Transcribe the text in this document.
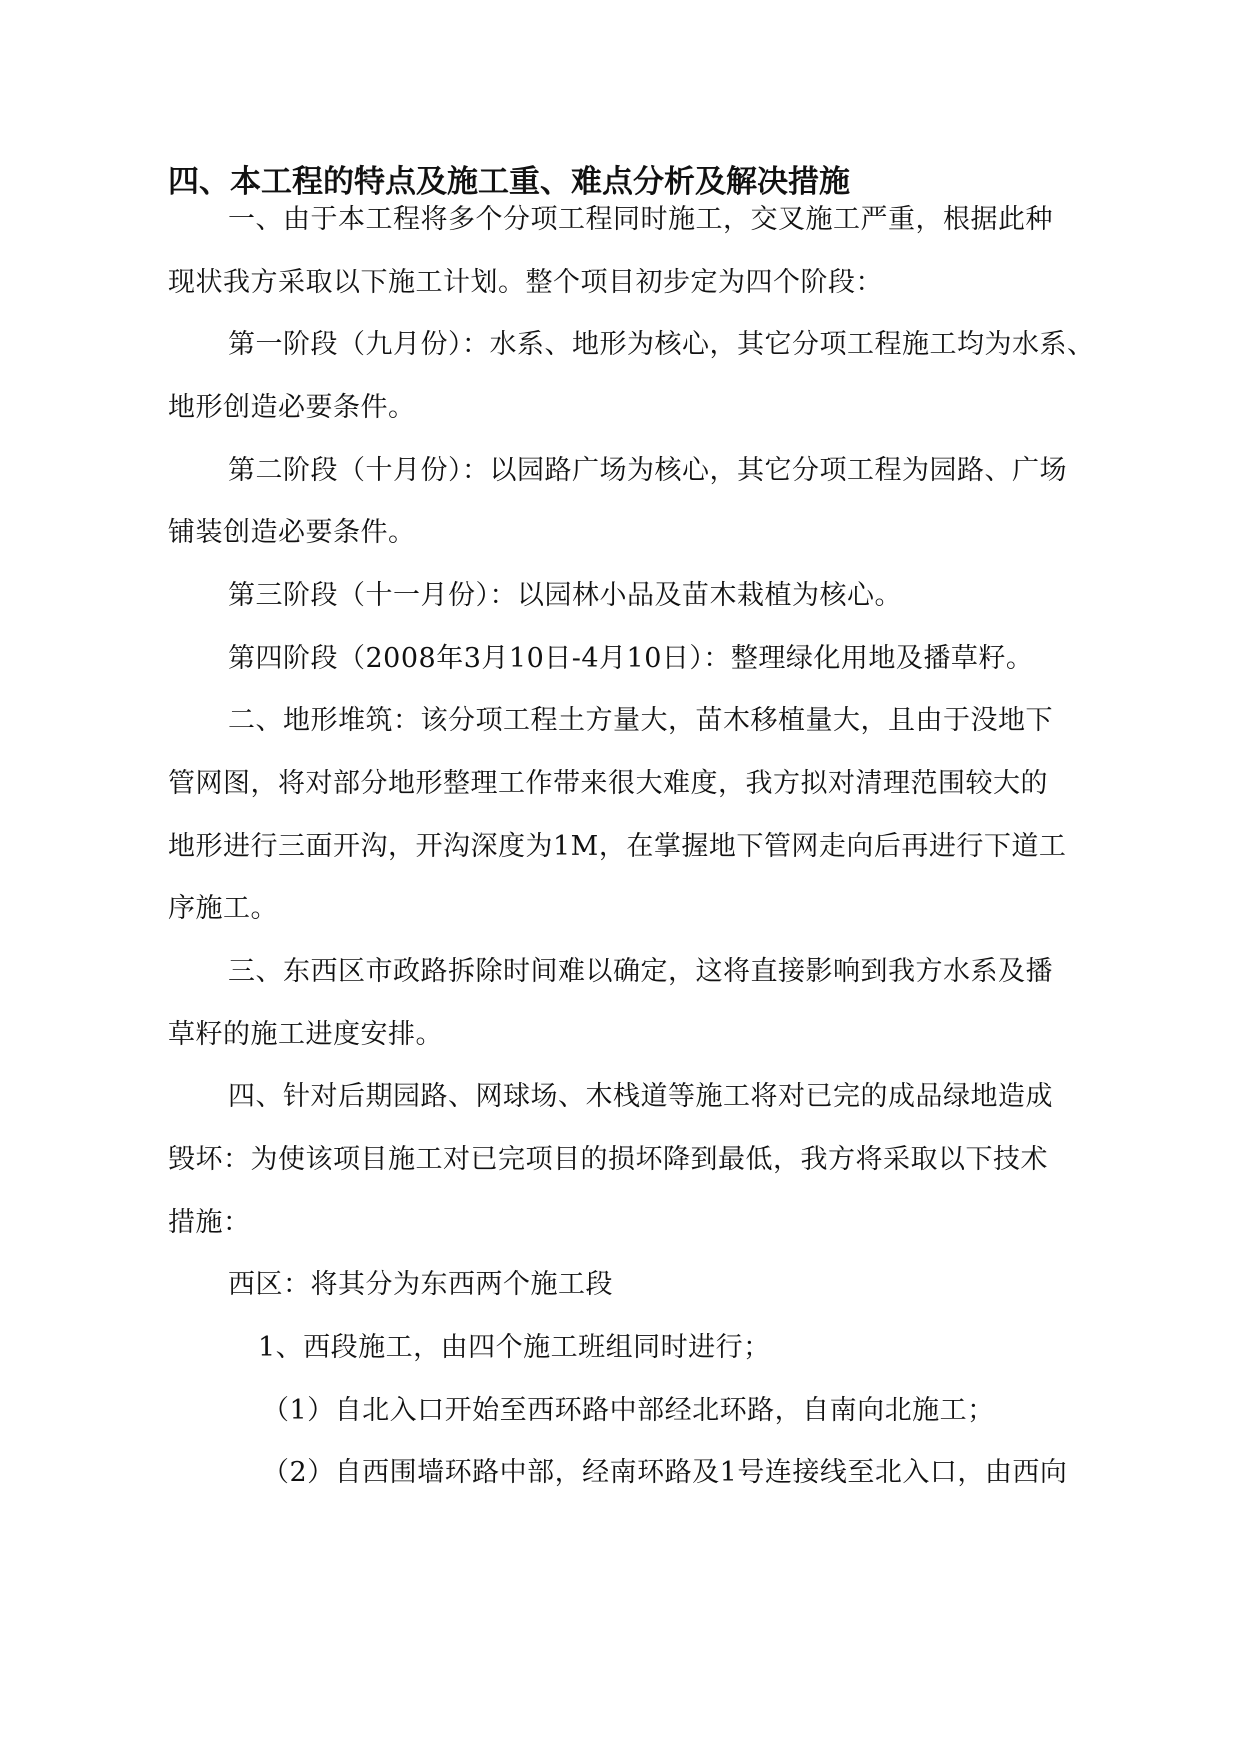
四、本工程的特点及施工重、难点分析及解决措施
一、由于本工程将多个分项工程同时施工，交叉施工严重，根据此种
现状我方采取以下施工计划。整个项目初步定为四个阶段：
第一阶段（九月份）：水系、地形为核心，其它分项工程施工均为水系、
地形创造必要条件。
第二阶段（十月份）：以园路广场为核心，其它分项工程为园路、广场
铺装创造必要条件。
第三阶段（十一月份）：以园林小品及苗木栽植为核心。
第四阶段（2008年3月10日-4月10日）：整理绿化用地及播草籽。
二、地形堆筑：该分项工程土方量大，苗木移植量大，且由于没地下
管网图，将对部分地形整理工作带来很大难度，我方拟对清理范围较大的
地形进行三面开沟，开沟深度为1M，在掌握地下管网走向后再进行下道工
序施工。
三、东西区市政路拆除时间难以确定，这将直接影响到我方水系及播
草籽的施工进度安排。
四、针对后期园路、网球场、木栈道等施工将对已完的成品绿地造成
毁坏：为使该项目施工对已完项目的损坏降到最低，我方将采取以下技术
措施：
西区：将其分为东西两个施工段
1、西段施工，由四个施工班组同时进行；
（1）自北入口开始至西环路中部经北环路，自南向北施工；
（2）自西围墙环路中部，经南环路及1号连接线至北入口，由西向
